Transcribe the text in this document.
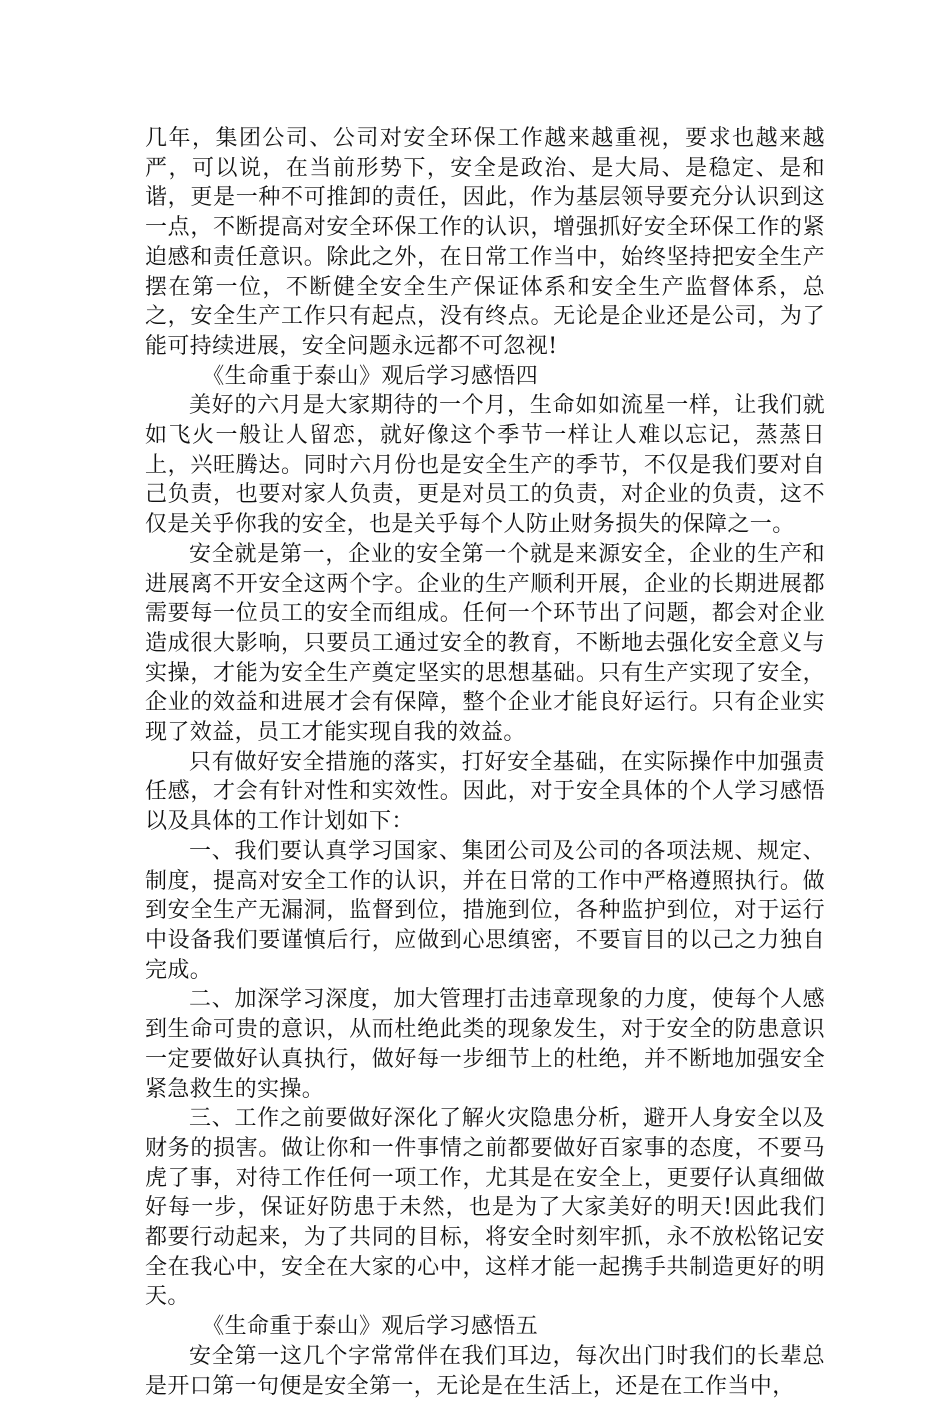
几年，集团公司、公司对安全环保工作越来越重视，要求也越来越严，可以说，在当前形势下，安全是政治、是大局、是稳定、是和谐，更是一种不可推卸的责任，因此，作为基层领导要充分认识到这一点，不断提高对安全环保工作的认识，增强抓好安全环保工作的紧迫感和责任意识。除此之外，在日常工作当中，始终坚持把安全生产摆在第一位，不断健全安全生产保证体系和安全生产监督体系，总之，安全生产工作只有起点，没有终点。无论是企业还是公司，为了能可持续进展，安全问题永远都不可忽视!

《生命重于泰山》观后学习感悟四

美好的六月是大家期待的一个月，生命如如流星一样，让我们就如飞火一般让人留恋，就好像这个季节一样让人难以忘记，蒸蒸日上，兴旺腾达。同时六月份也是安全生产的季节，不仅是我们要对自己负责，也要对家人负责，更是对员工的负责，对企业的负责，这不仅是关乎你我的安全，也是关乎每个人防止财务损失的保障之一。

安全就是第一，企业的安全第一个就是来源安全，企业的生产和进展离不开安全这两个字。企业的生产顺利开展，企业的长期进展都需要每一位员工的安全而组成。任何一个环节出了问题，都会对企业造成很大影响，只要员工通过安全的教育，不断地去强化安全意义与实操，才能为安全生产奠定坚实的思想基础。只有生产实现了安全，企业的效益和进展才会有保障，整个企业才能良好运行。只有企业实现了效益，员工才能实现自我的效益。

只有做好安全措施的落实，打好安全基础，在实际操作中加强责任感，才会有针对性和实效性。因此，对于安全具体的个人学习感悟以及具体的工作计划如下：

一、我们要认真学习国家、集团公司及公司的各项法规、规定、制度，提高对安全工作的认识，并在日常的工作中严格遵照执行。做到安全生产无漏洞，监督到位，措施到位，各种监护到位，对于运行中设备我们要谨慎后行，应做到心思缜密，不要盲目的以己之力独自完成。

二、加深学习深度，加大管理打击违章现象的力度，使每个人感到生命可贵的意识，从而杜绝此类的现象发生，对于安全的防患意识一定要做好认真执行，做好每一步细节上的杜绝，并不断地加强安全紧急救生的实操。

三、工作之前要做好深化了解火灾隐患分析，避开人身安全以及财务的损害。做让你和一件事情之前都要做好百家事的态度，不要马虎了事，对待工作任何一项工作，尤其是在安全上，更要仔认真细做好每一步，保证好防患于未然，也是为了大家美好的明天!因此我们都要行动起来，为了共同的目标，将安全时刻牢抓，永不放松铭记安全在我心中，安全在大家的心中，这样才能一起携手共制造更好的明天。

《生命重于泰山》观后学习感悟五

安全第一这几个字常常伴在我们耳边，每次出门时我们的长辈总是开口第一句便是安全第一，无论是在生活上，还是在工作当中，
